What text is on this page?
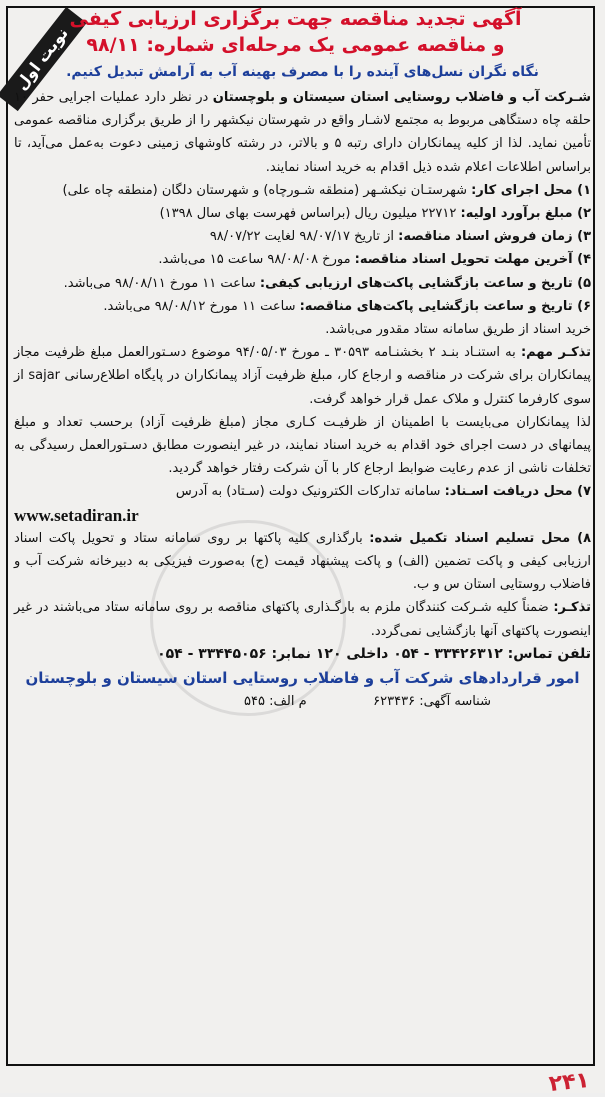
نوبت اول

آگهی تجدید مناقصه جهت برگزاری ارزیابی کیفی

و مناقصه عمومی یک مرحله‌ای شماره: ۹۸/۱۱

نگاه نگران نسل‌های آینده را با مصرف بهینه آب به آرامش تبدیل کنیم.

شـرکت آب و فاضلاب روستایی استان سیستان و بلوچستان در نظر دارد عملیات اجرایی حفر ۱۰ حلقه چاه دستگاهی مربوط به مجتمع لاشـار واقع در شهرستان نیکشهر را از طریق برگزاری مناقصه عمومی تأمین نماید. لذا از کلیه پیمانکاران دارای رتبه ۵ و بالاتر، در رشته کاوشهای زمینی دعوت به‌عمل می‌آید، تا براساس اطلاعات اعلام شده ذیل اقدام به خرید اسناد نمایند.

۱) محل اجرای کار: شهرستـان نیکشـهر (منطقه شـورچاه) و شهرستان دلگان (منطقه چاه علی)

۲) مبلغ برآورد اولیه: ۲۲۷۱۲ میلیون ریال (براساس فهرست بهای سال ۱۳۹۸)

۳) زمان فروش اسناد مناقصه: از تاریخ ۹۸/۰۷/۱۷ لغایت ۹۸/۰۷/۲۲

۴) آخرین مهلت تحویل اسناد مناقصه: مورخ ۹۸/۰۸/۰۸ ساعت ۱۵ می‌باشد.

۵) تاریخ و ساعت بازگشایی پاکت‌های ارزیابی کیفی: ساعت ۱۱ مورخ ۹۸/۰۸/۱۱ می‌باشد.

۶) تاریخ و ساعت بازگشایی پاکت‌های مناقصه: ساعت ۱۱ مورخ ۹۸/۰۸/۱۲ می‌باشد.

خرید اسناد از طریق سامانه ستاد مقدور می‌باشد.

تذکـر مهم: به استنـاد بنـد ۲ بخشنـامه ۳۰۵۹۳ ـ مورخ ۹۴/۰۵/۰۳ موضوع دسـتورالعمل مبلغ ظرفیت مجاز پیمانکاران برای شرکت در مناقصه و ارجاع کار، مبلغ ظرفیت آزاد پیمانکاران در پایگاه اطلاع‌رسانی sajar از سوی کارفرما کنترل و ملاک عمل قرار خواهد گرفت.

لذا پیمانکاران می‌بایست با اطمینان از ظرفیـت کـاری مجاز (مبلغ ظرفیت آزاد) برحسب تعداد و مبلغ پیمانهای در دست اجرای خود اقدام به خرید اسناد نمایند، در غیر اینصورت مطابق دسـتورالعمل رسیدگی به تخلفات ناشی از عدم رعایت ضوابط ارجاع کار با آن شرکت رفتار خواهد گردید.

۷) محل دریافت اسـناد: سامانه تدارکات الکترونیک دولت (سـتاد) به آدرس

www.setadiran.ir

۸) محل تسلیم اسناد تکمیل شده: بارگذاری کلیه پاکتها بر روی سامانه ستاد و تحویل پاکت اسناد ارزیابی کیفی و پاکت تضمین (الف) و پاکت پیشنهاد قیمت (ج) به‌صورت فیزیکی به دبیرخانه شرکت آب و فاضلاب روستایی استان س و ب.

تذکـر: ضمناً کلیه شـرکت کنندگان ملزم به بارگـذاری پاکتهای مناقصه بر روی سامانه ستاد می‌باشند در غیر اینصورت پاکتهای آنها بازگشایی نمی‌گردد.

تلفن تماس: ۳۳۴۲۶۳۱۲ - ۰۵۴ داخلی ۱۲۰ نمابر: ۳۳۴۴۵۰۵۶ - ۰۵۴

امور قراردادهای شرکت آب و فاضلاب روستایی استان سیستان و بلوچستان

شناسه آگهی: ۶۲۳۴۳۶
م الف: ۵۴۵
۲۴۱
